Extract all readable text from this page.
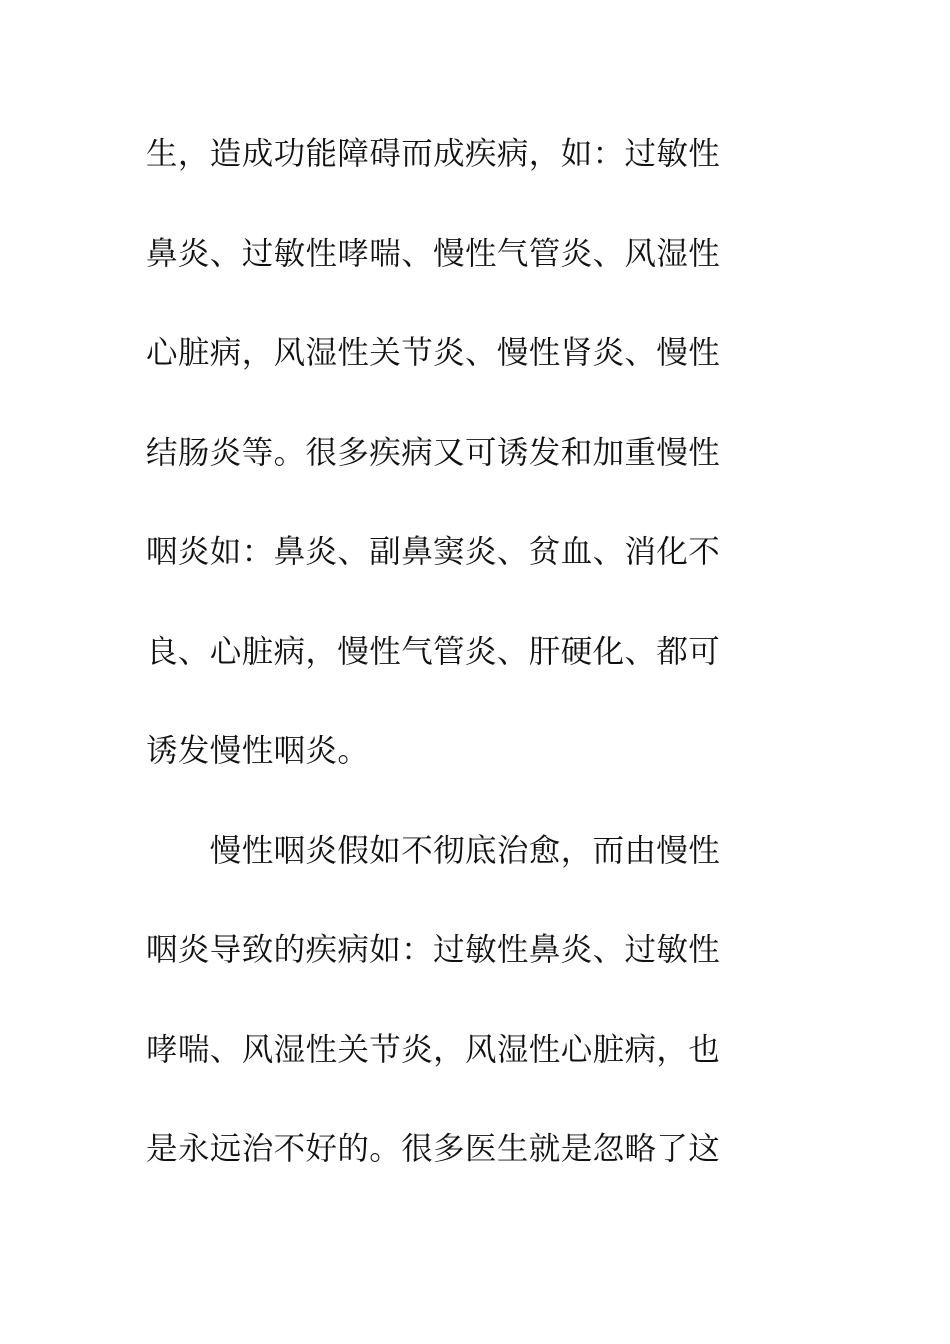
生，造成功能障碍而成疾病，如：过敏性
鼻炎、过敏性哮喘、慢性气管炎、风湿性
心脏病，风湿性关节炎、慢性肾炎、慢性
结肠炎等。很多疾病又可诱发和加重慢性
咽炎如：鼻炎、副鼻窦炎、贫血、消化不
良、心脏病，慢性气管炎、肝硬化、都可
诱发慢性咽炎。
　　慢性咽炎假如不彻底治愈，而由慢性
咽炎导致的疾病如：过敏性鼻炎、过敏性
哮喘、风湿性关节炎，风湿性心脏病，也
是永远治不好的。很多医生就是忽略了这
